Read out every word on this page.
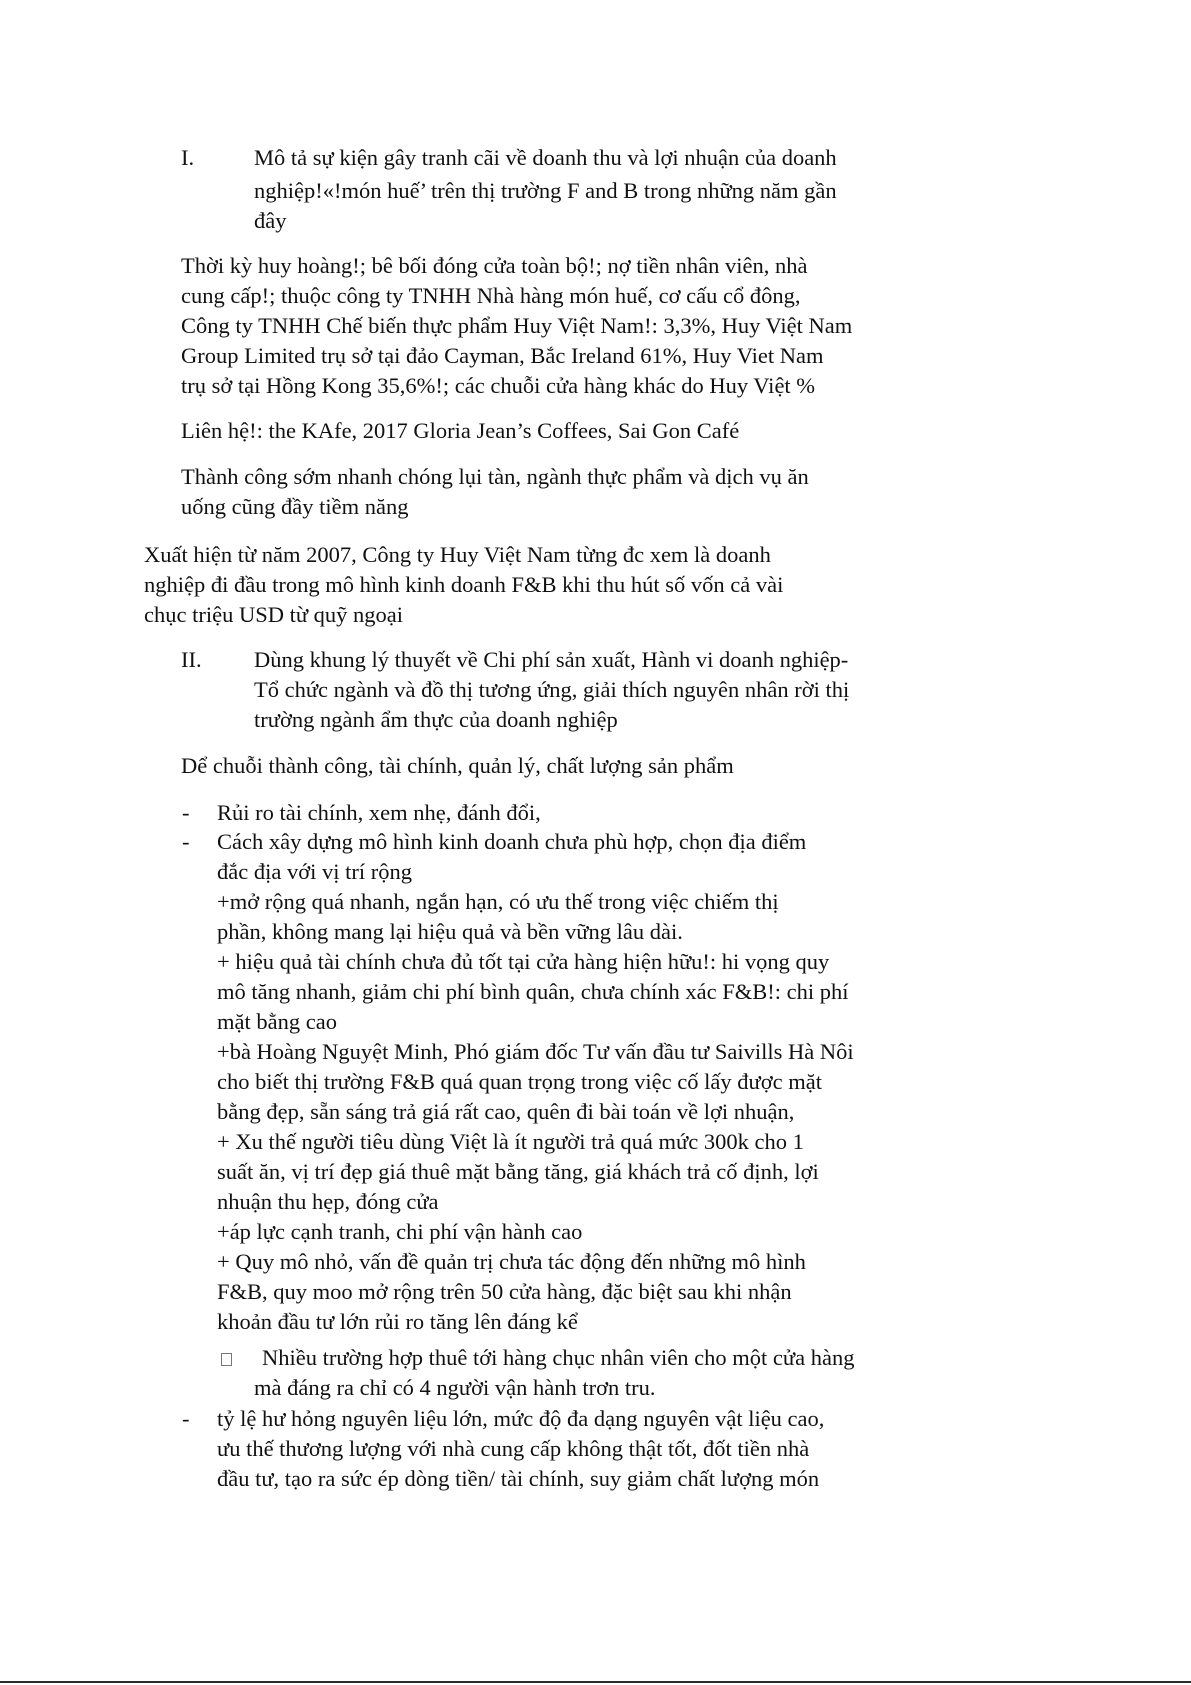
I.	Mô tả sự kiện gây tranh cãi về doanh thu và lợi nhuận của doanh
nghiệp!«!món huế’ trên thị trường F and B trong những năm gần
đây
Thời kỳ huy hoàng!; bê bối đóng cửa toàn bộ!; nợ tiền nhân viên, nhà
cung cấp!; thuộc công ty TNHH Nhà hàng món huế, cơ cấu cổ đông,
Công ty TNHH Chế biến thực phẩm Huy Việt Nam!: 3,3%, Huy Việt Nam
Group Limited trụ sở tại đảo Cayman, Bắc Ireland 61%, Huy Viet Nam
trụ sở tại Hồng Kong 35,6%!; các chuỗi cửa hàng khác do Huy Việt %
Liên hệ!: the KAfe, 2017 Gloria Jean’s Coffees, Sai Gon Café
Thành công sớm nhanh chóng lụi tàn, ngành thực phẩm và dịch vụ ăn
uống cũng đầy tiềm năng
Xuất hiện từ năm 2007, Công ty Huy Việt Nam từng đc xem là doanh
nghiệp đi đầu trong mô hình kinh doanh F&B khi thu hút số vốn cả vài
chục triệu USD từ quỹ ngoại
II. Dùng khung lý thuyết về Chi phí sản xuất, Hành vi doanh nghiệp-
Tổ chức ngành và đồ thị tương ứng, giải thích nguyên nhân rời thị
trường ngành ẩm thực của doanh nghiệp
Dể chuỗi thành công, tài chính, quản lý, chất lượng sản phẩm
- Rủi ro tài chính, xem nhẹ, đánh đổi,
- Cách xây dựng mô hình kinh doanh chưa phù hợp, chọn địa điểm
đắc địa với vị trí rộng
+mở rộng quá nhanh, ngắn hạn, có ưu thế trong việc chiếm thị
phần, không mang lại hiệu quả và bền vững lâu dài.
+ hiệu quả tài chính chưa đủ tốt tại cửa hàng hiện hữu!: hi vọng quy
mô tăng nhanh, giảm chi phí bình quân, chưa chính xác F&B!: chi phí
mặt bằng cao
+bà Hoàng Nguyệt Minh, Phó giám đốc Tư vấn đầu tư Saivills Hà Nôi
cho biết thị trường F&B quá quan trọng trong việc cố lấy được mặt
bằng đẹp, sẵn sáng trả giá rất cao, quên đi bài toán về lợi nhuận,
+ Xu thế người tiêu dùng Việt là ít người trả quá mức 300k cho 1
suất ăn, vị trí đẹp giá thuê mặt bằng tăng, giá khách trả cố định, lợi
nhuận thu hẹp, đóng cửa
+áp lực cạnh tranh, chi phí vận hành cao
+ Quy mô nhỏ, vấn đề quản trị chưa tác động đến những mô hình
F&B, quy moo mở rộng trên 50 cửa hàng, đặc biệt sau khi nhận
khoản đầu tư lớn rủi ro tăng lên đáng kể
Nhiều trường hợp thuê tới hàng chục nhân viên cho một cửa hàng
mà đáng ra chỉ có 4 người vận hành trơn tru.
- tỷ lệ hư hỏng nguyên liệu lớn, mức độ đa dạng nguyên vật liệu cao,
ưu thế thương lượng với nhà cung cấp không thật tốt, đốt tiền nhà
đầu tư, tạo ra sức ép dòng tiền/ tài chính, suy giảm chất lượng món
